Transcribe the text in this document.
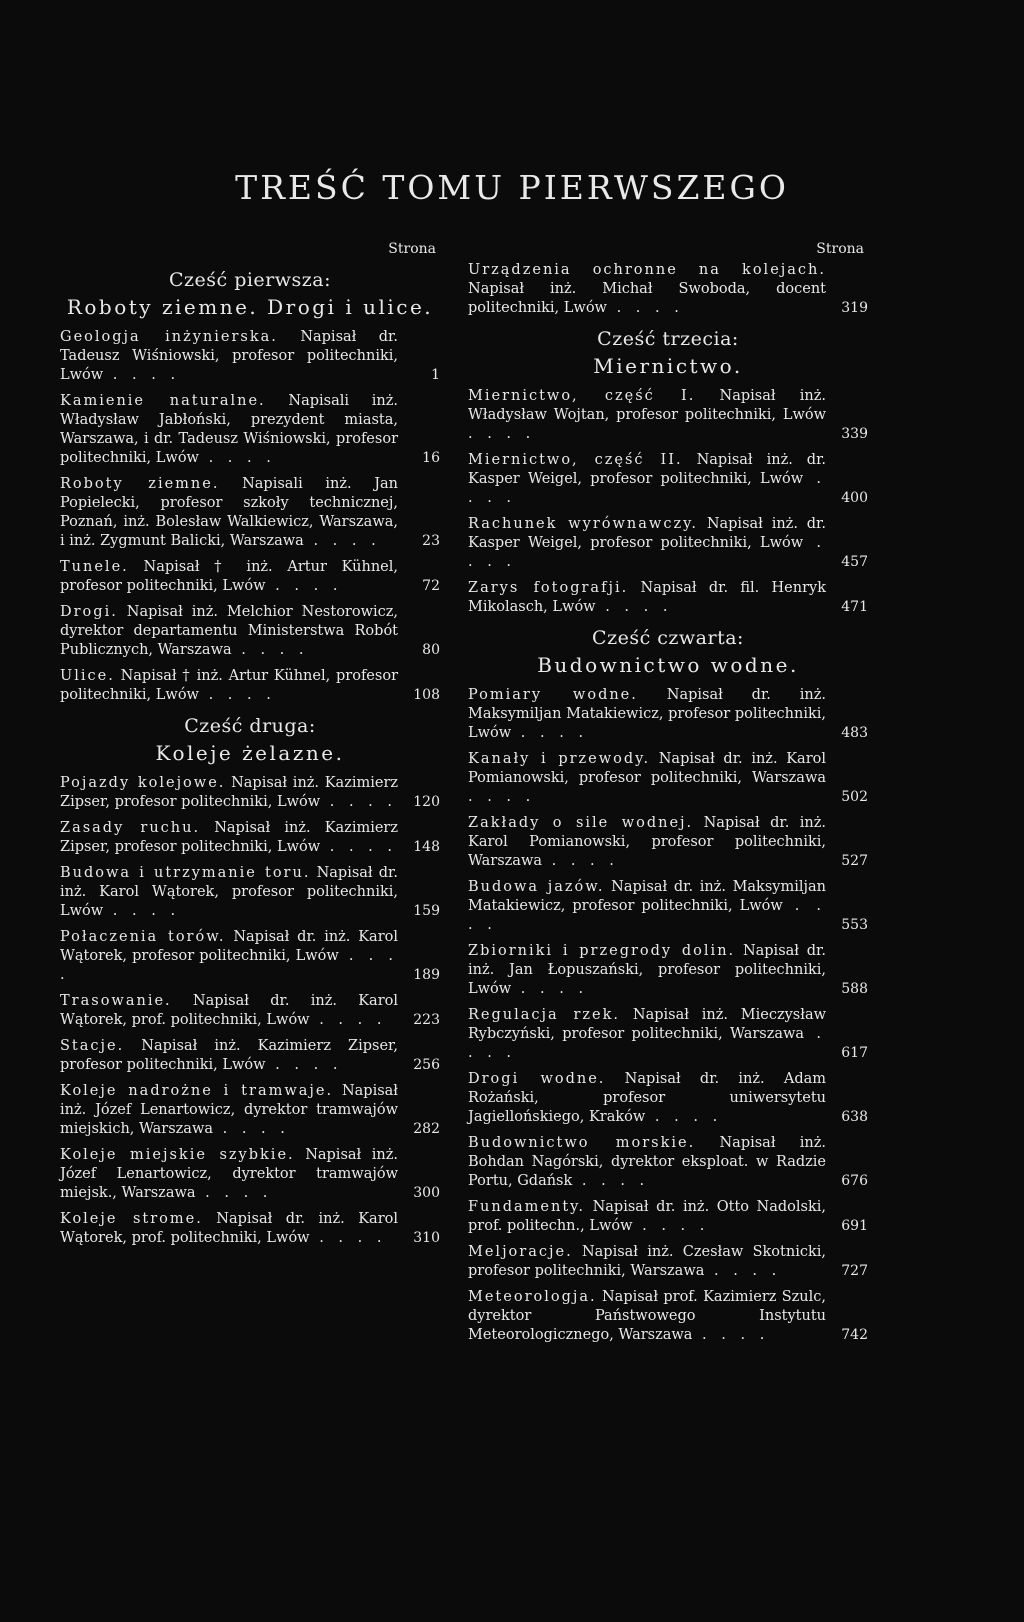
TREŚĆ TOMU PIERWSZEGO
Strona
Cześć pierwsza:
Roboty ziemne. Drogi i ulice.
Geologja inżynierska. Napisał dr. Tadeusz Wiśniowski, profesor politechniki, Lwów . . . .	1
Kamienie naturalne. Napisali inż. Władysław Jabłoński, prezydent miasta, Warszawa, i dr. Tadeusz Wiśniowski, profesor politechniki, Lwów . . . .	16
Roboty ziemne. Napisali inż. Jan Popielecki, profesor szkoły technicznej, Poznań, inż. Bolesław Walkiewicz, Warszawa, i inż. Zygmunt Balicki, Warszawa . . . .	23
Tunele. Napisał † inż. Artur Kühnel, profesor politechniki, Lwów . . . .	72
Drogi. Napisał inż. Melchior Nestorowicz, dyrektor departamentu Ministerstwa Robót Publicznych, Warszawa . . . .	80
Ulice. Napisał † inż. Artur Kühnel, profesor politechniki, Lwów . . . .	108
Cześć druga:
Koleje żelazne.
Pojazdy kolejowe. Napisał inż. Kazimierz Zipser, profesor politechniki, Lwów . . . .	120
Zasady ruchu. Napisał inż. Kazimierz Zipser, profesor politechniki, Lwów . . . .	148
Budowa i utrzymanie toru. Napisał dr. inż. Karol Wątorek, profesor politechniki, Lwów . . . .	159
Połaczenia torów. Napisał dr. inż. Karol Wątorek, profesor politechniki, Lwów . . . .	189
Trasowanie. Napisał dr. inż. Karol Wątorek, prof. politechniki, Lwów . . . .	223
Stacje. Napisał inż. Kazimierz Zipser, profesor politechniki, Lwów . . . .	256
Koleje nadrożne i tramwaje. Napisał inż. Józef Lenartowicz, dyrektor tramwajów miejskich, Warszawa . . . .	282
Koleje miejskie szybkie. Napisał inż. Józef Lenartowicz, dyrektor tramwajów miejsk., Warszawa . . . .	300
Koleje strome. Napisał dr. inż. Karol Wątorek, prof. politechniki, Lwów . . . .	310
Strona
Urządzenia ochronne na kolejach. Napisał inż. Michał Swoboda, docent politechniki, Lwów . . . .	319
Cześć trzecia:
Miernictwo.
Miernictwo, część I. Napisał inż. Władysław Wojtan, profesor politechniki, Lwów . . . .	339
Miernictwo, część II. Napisał inż. dr. Kasper Weigel, profesor politechniki, Lwów . . . .	400
Rachunek wyrównawczy. Napisał inż. dr. Kasper Weigel, profesor politechniki, Lwów . . . .	457
Zarys fotografji. Napisał dr. fil. Henryk Mikolasch, Lwów . . . .	471
Cześć czwarta:
Budownictwo wodne.
Pomiary wodne. Napisał dr. inż. Maksymiljan Matakiewicz, profesor politechniki, Lwów . . . .	483
Kanały i przewody. Napisał dr. inż. Karol Pomianowski, profesor politechniki, Warszawa . . . .	502
Zakłady o sile wodnej. Napisał dr. inż. Karol Pomianowski, profesor politechniki, Warszawa . . . .	527
Budowa jazów. Napisał dr. inż. Maksymiljan Matakiewicz, profesor politechniki, Lwów . . . .	553
Zbiorniki i przegrody dolin. Napisał dr. inż. Jan Łopuszański, profesor politechniki, Lwów . . . .	588
Regulacja rzek. Napisał inż. Mieczysław Rybczyński, profesor politechniki, Warszawa . . . .	617
Drogi wodne. Napisał dr. inż. Adam Rożański, profesor uniwersytetu Jagiellońskiego, Kraków . . . .	638
Budownictwo morskie. Napisał inż. Bohdan Nagórski, dyrektor eksploat. w Radzie Portu, Gdańsk . . . .	676
Fundamenty. Napisał dr. inż. Otto Nadolski, prof. politechn., Lwów . . . .	691
Meljoracje. Napisał inż. Czesław Skotnicki, profesor politechniki, Warszawa . . . .	727
Meteorologja. Napisał prof. Kazimierz Szulc, dyrektor Państwowego Instytutu Meteorologicznego, Warszawa . . . .	742
